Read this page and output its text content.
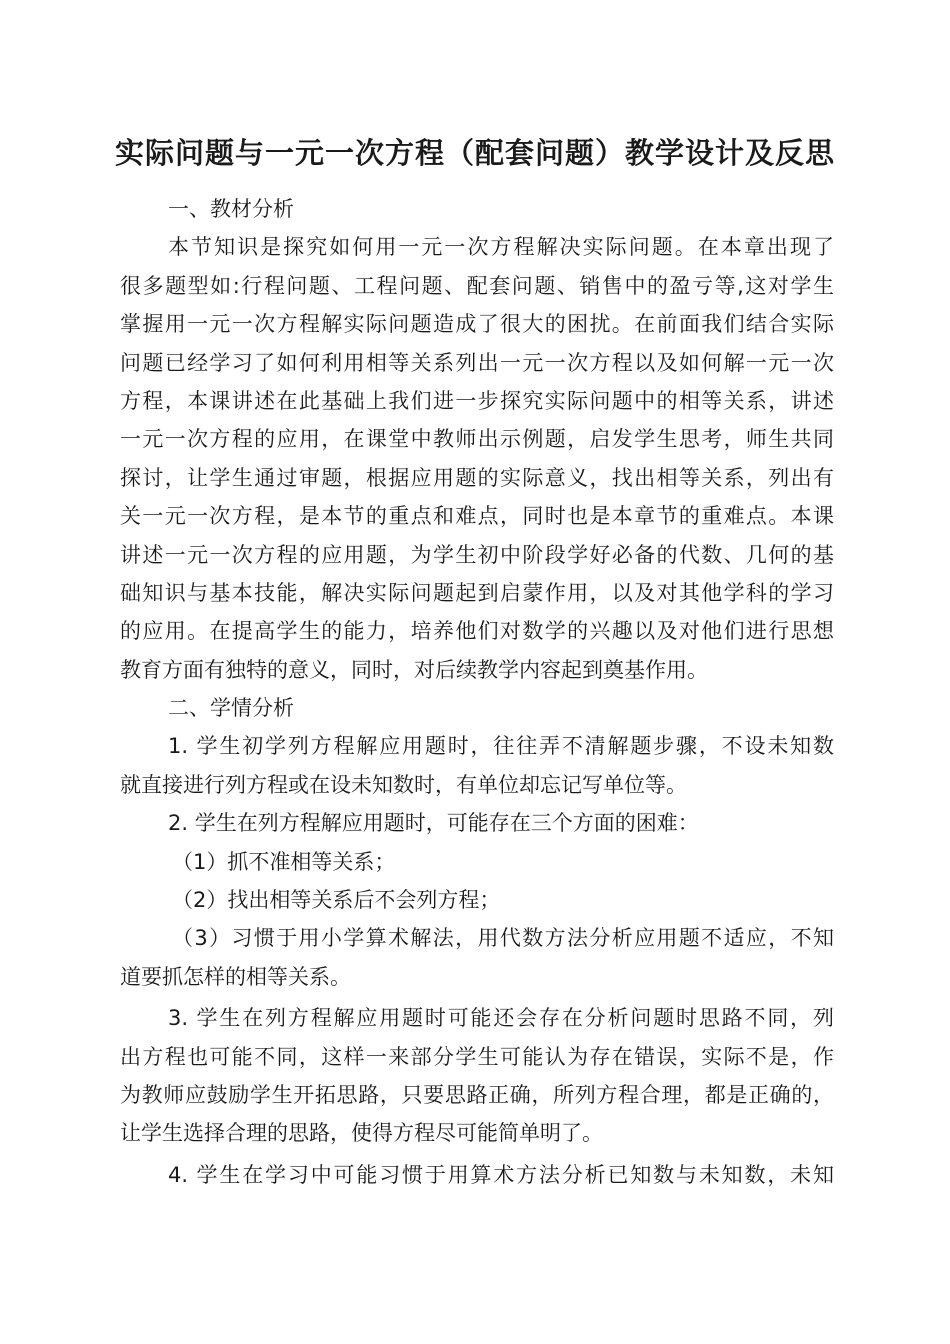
实际问题与一元一次方程（配套问题）教学设计及反思
一、教材分析
本节知识是探究如何用一元一次方程解决实际问题。在本章出现了
很多题型如:行程问题、工程问题、配套问题、销售中的盈亏等,这对学生
掌握用一元一次方程解实际问题造成了很大的困扰。在前面我们结合实际
问题已经学习了如何利用相等关系列出一元一次方程以及如何解一元一次
方程，本课讲述在此基础上我们进一步探究实际问题中的相等关系，讲述
一元一次方程的应用，在课堂中教师出示例题，启发学生思考，师生共同
探讨，让学生通过审题，根据应用题的实际意义，找出相等关系，列出有
关一元一次方程，是本节的重点和难点，同时也是本章节的重难点。本课
讲述一元一次方程的应用题，为学生初中阶段学好必备的代数、几何的基
础知识与基本技能，解决实际问题起到启蒙作用，以及对其他学科的学习
的应用。在提高学生的能力，培养他们对数学的兴趣以及对他们进行思想
教育方面有独特的意义，同时，对后续教学内容起到奠基作用。
二、学情分析
1. 学生初学列方程解应用题时，往往弄不清解题步骤，不设未知数
就直接进行列方程或在设未知数时，有单位却忘记写单位等。
2. 学生在列方程解应用题时，可能存在三个方面的困难：
（1）抓不准相等关系；
（2）找出相等关系后不会列方程；
（3）习惯于用小学算术解法，用代数方法分析应用题不适应，不知
道要抓怎样的相等关系。
3. 学生在列方程解应用题时可能还会存在分析问题时思路不同，列
出方程也可能不同，这样一来部分学生可能认为存在错误，实际不是，作
为教师应鼓励学生开拓思路，只要思路正确，所列方程合理，都是正确的，
让学生选择合理的思路，使得方程尽可能简单明了。
4. 学生在学习中可能习惯于用算术方法分析已知数与未知数，未知
